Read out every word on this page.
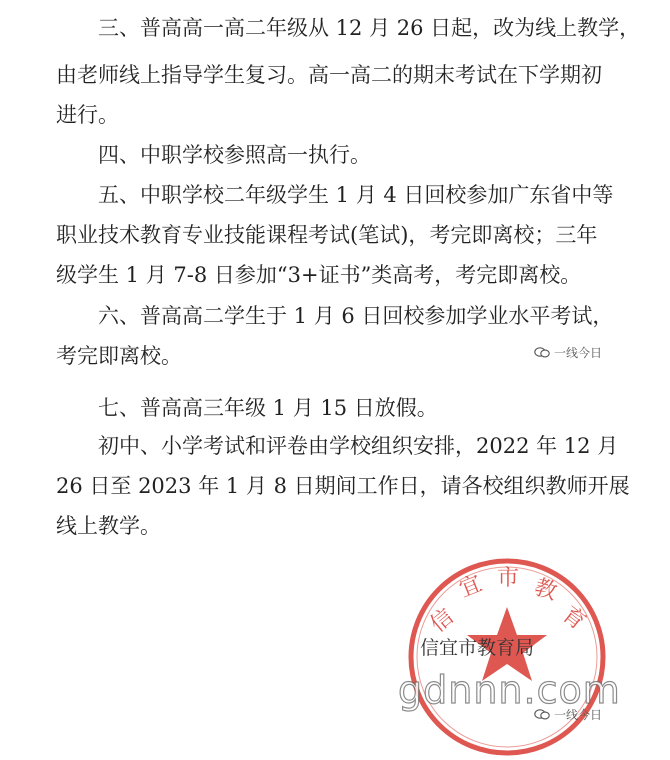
三、普高高一高二年级从 12 月 26 日起，改为线上教学，
由老师线上指导学生复习。高一高二的期末考试在下学期初
进行。
四、中职学校参照高一执行。
五、中职学校二年级学生 1 月 4 日回校参加广东省中等
职业技术教育专业技能课程考试(笔试)，考完即离校；三年
级学生 1 月 7-8 日参加“3+证书”类高考，考完即离校。
六、普高高二学生于 1 月 6 日回校参加学业水平考试，
考完即离校。
七、普高高三年级 1 月 15 日放假。
初中、小学考试和评卷由学校组织安排，2022 年 12 月
26 日至 2023 年 1 月 8 日期间工作日，请各校组织教师开展
线上教学。
一线今日
信
宜 市 教
育
信宜市教育局
gdnnn.com
一线今日
